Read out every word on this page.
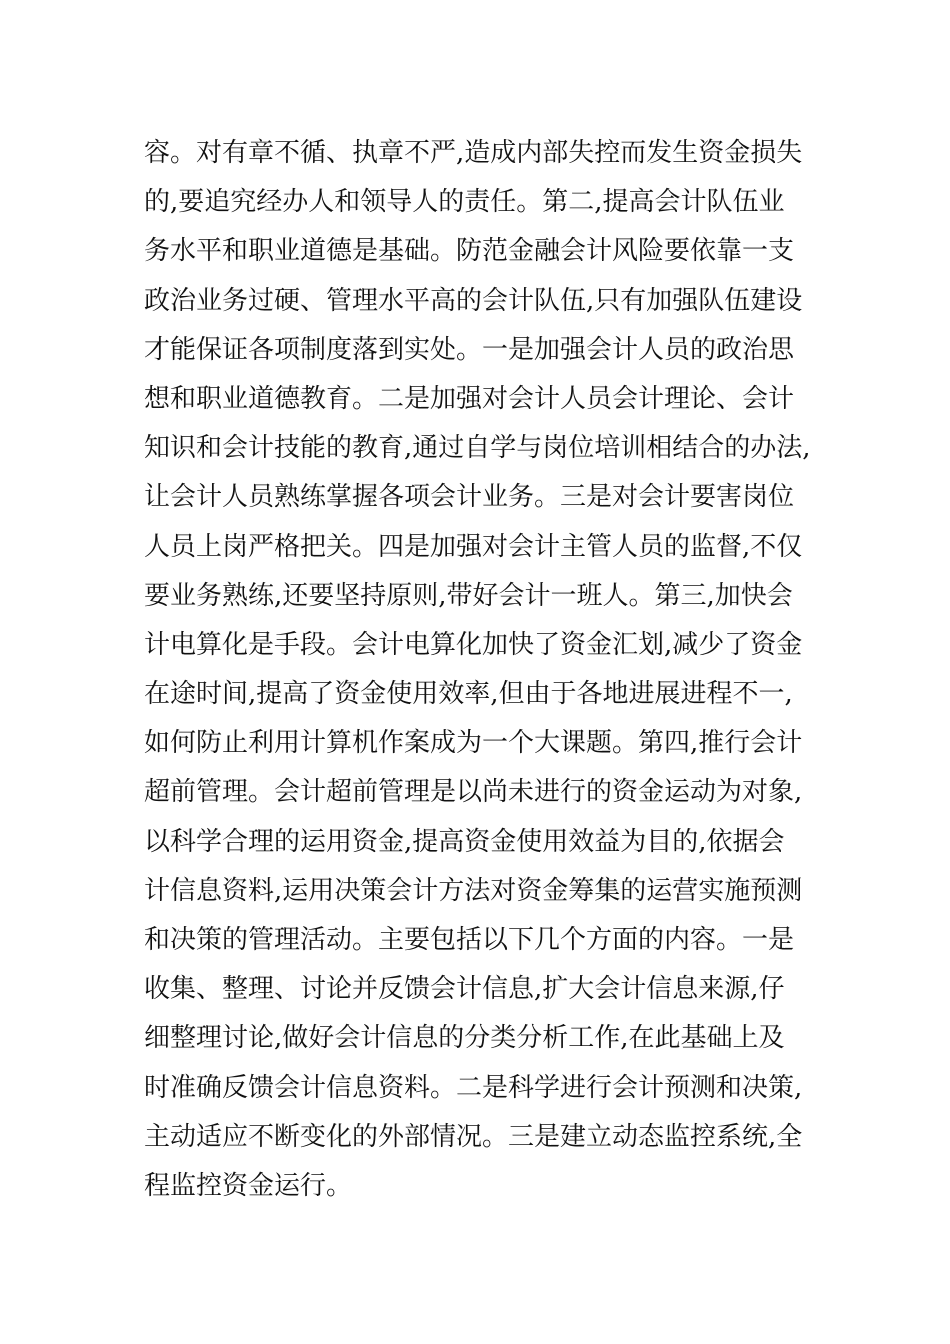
容。对有章不循、执章不严,造成内部失控而发生资金损失
的,要追究经办人和领导人的责任。第二,提高会计队伍业
务水平和职业道德是基础。防范金融会计风险要依靠一支
政治业务过硬、管理水平高的会计队伍,只有加强队伍建设
才能保证各项制度落到实处。一是加强会计人员的政治思
想和职业道德教育。二是加强对会计人员会计理论、会计
知识和会计技能的教育,通过自学与岗位培训相结合的办法,
让会计人员熟练掌握各项会计业务。三是对会计要害岗位
人员上岗严格把关。四是加强对会计主管人员的监督,不仅
要业务熟练,还要坚持原则,带好会计一班人。第三,加快会
计电算化是手段。会计电算化加快了资金汇划,减少了资金
在途时间,提高了资金使用效率,但由于各地进展进程不一,
如何防止利用计算机作案成为一个大课题。第四,推行会计
超前管理。会计超前管理是以尚未进行的资金运动为对象,
以科学合理的运用资金,提高资金使用效益为目的,依据会
计信息资料,运用决策会计方法对资金筹集的运营实施预测
和决策的管理活动。主要包括以下几个方面的内容。一是
收集、整理、讨论并反馈会计信息,扩大会计信息来源,仔
细整理讨论,做好会计信息的分类分析工作,在此基础上及
时准确反馈会计信息资料。二是科学进行会计预测和决策,
主动适应不断变化的外部情况。三是建立动态监控系统,全
程监控资金运行。
